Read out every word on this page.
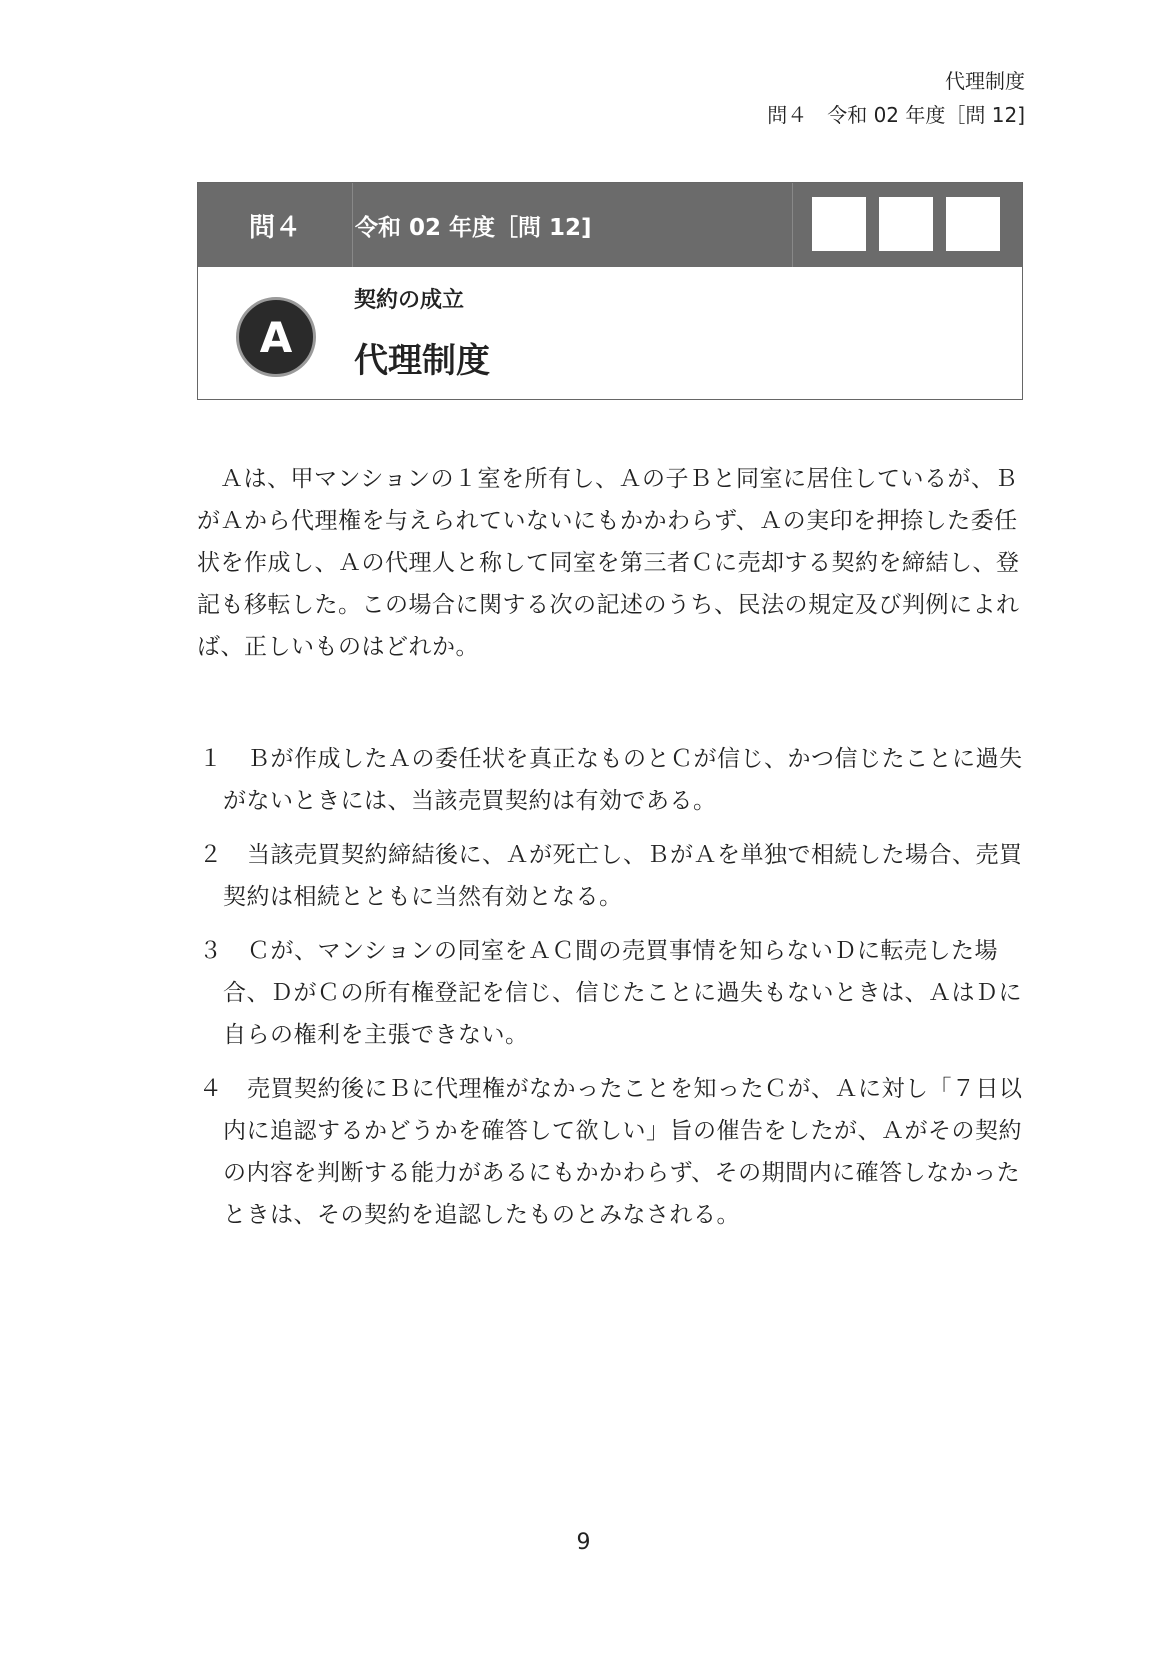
代理制度
問４　令和 02 年度［問 12]
問４	令和 02 年度［問 12]
A
契約の成立
代理制度

Ａは、甲マンションの１室を所有し、Ａの子Ｂと同室に居住しているが、ＢがＡから代理権を与えられていないにもかかわらず、Ａの実印を押捺した委任状を作成し、Ａの代理人と称して同室を第三者Ｃに売却する契約を締結し、登記も移転した。この場合に関する次の記述のうち、民法の規定及び判例によれば、正しいものはどれか。

１	Ｂが作成したＡの委任状を真正なものとＣが信じ、かつ信じたことに過失がないときには、当該売買契約は有効である。
２	当該売買契約締結後に、Ａが死亡し、ＢがＡを単独で相続した場合、売買契約は相続とともに当然有効となる。
３	Ｃが、マンションの同室をＡＣ間の売買事情を知らないＤに転売した場合、ＤがＣの所有権登記を信じ、信じたことに過失もないときは、ＡはＤに自らの権利を主張できない。
４	売買契約後にＢに代理権がなかったことを知ったＣが、Ａに対し「７日以内に追認するかどうかを確答して欲しい」旨の催告をしたが、Ａがその契約の内容を判断する能力があるにもかかわらず、その期間内に確答しなかったときは、その契約を追認したものとみなされる。
9
